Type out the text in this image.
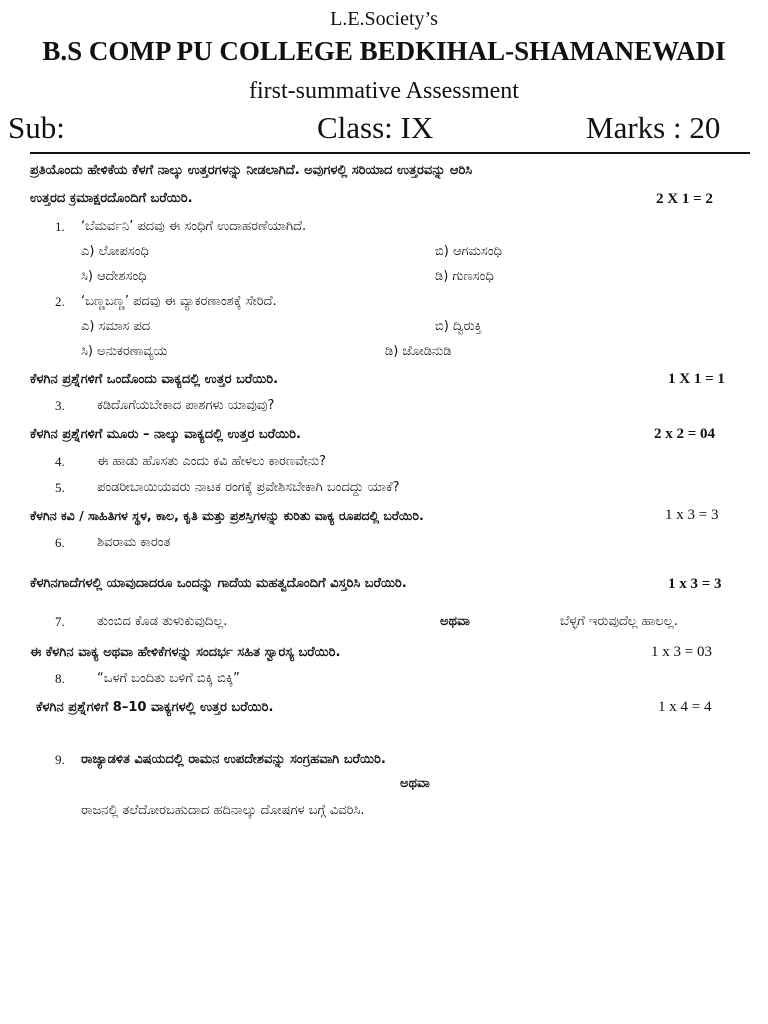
L.E.Society’s
B.S COMP PU COLLEGE BEDKIHAL-SHAMANEWADI
first-summative Assessment
Sub:	Class: IX	Marks : 20
ಪ್ರತಿಯೊಂದು ಹೇಳಿಕೆಯ ಕೆಳಗೆ ನಾಲ್ಕು ಉತ್ತರಗಳನ್ನು ನೀಡಲಾಗಿದೆ. ಅವುಗಳಲ್ಲಿ ಸರಿಯಾದ ಉತ್ತರವನ್ನು ಆರಿಸಿ
ಉತ್ತರದ ಕ್ರಮಾಕ್ಷರದೊಂದಿಗೆ ಬರೆಯಿರಿ.	2 X 1 = 2
1. ‘ಬೆಮರ್ವನಿ’ ಪದವು ಈ ಸಂಧಿಗೆ ಉದಾಹರಣೆಯಾಗಿದೆ.
ಎ) ಲೋಪಸಂಧಿ	ಬಿ) ಆಗಮಸಂಧಿ
ಸಿ) ಆದೇಶಸಂಧಿ	ಡಿ) ಗುಣಸಂಧಿ
2. ‘ಬಣ್ಣಬಣ್ಣ’ ಪದವು ಈ ವ್ಯಾಕರಣಾಂಶಕ್ಕೆ ಸೇರಿದೆ.
ಎ) ಸಮಾಸ ಪದ	ಬಿ) ದ್ವಿರುಕ್ತಿ
ಸಿ) ಅನುಕರಣಾವ್ಯಯ	ಡಿ) ಜೋಡಿನುಡಿ
ಕೆಳಗಿನ ಪ್ರಶ್ನೆಗಳಿಗೆ ಒಂದೊಂದು ವಾಕ್ಯದಲ್ಲಿ ಉತ್ತರ ಬರೆಯಿರಿ.	1 X 1 = 1
3. ಕಡಿದೊಗೆಯಬೇಕಾದ ಪಾಶಗಳು ಯಾವುವು?
ಕೆಳಗಿನ ಪ್ರಶ್ನೆಗಳಿಗೆ ಮೂರು – ನಾಲ್ಕು ವಾಕ್ಯದಲ್ಲಿ ಉತ್ತರ ಬರೆಯಿರಿ.	2 x 2 = 04
4. ಈ ಹಾಡು ಹೊಸತು ಎಂದು ಕವಿ ಹೇಳಲು ಕಾರಣವೇನು?
5. ಪಂಡರೀಬಾಯಿಯವರು ನಾಟಕ ರಂಗಕ್ಕೆ ಪ್ರವೇಶಿಸಬೇಕಾಗಿ ಬಂದದ್ದು ಯಾಕೆ?
ಕೆಳಗಿನ ಕವಿ / ಸಾಹಿತಿಗಳ ಸ್ಥಳ, ಕಾಲ, ಕೃತಿ ಮತ್ತು ಪ್ರಶಸ್ತಿಗಳನ್ನು ಕುರಿತು ವಾಕ್ಯ ರೂಪದಲ್ಲಿ ಬರೆಯಿರಿ.	1 x 3 = 3
6. ಶಿವರಾಮ ಕಾರಂತ
ಕೆಳಗಿನಗಾದೆಗಳಲ್ಲಿ ಯಾವುದಾದರೂ ಒಂದನ್ನು ಗಾದೆಯ ಮಹತ್ವದೊಂದಿಗೆ ವಿಸ್ತರಿಸಿ ಬರೆಯಿರಿ.	1 x 3 = 3
7. ತುಂಬಿದ ಕೊಡ ತುಳುಕುವುದಿಲ್ಲ.	ಅಥವಾ	ಬೆಳ್ಳಗೆ ಇರುವುದೆಲ್ಲ ಹಾಲಲ್ಲ.
ಈ ಕೆಳಗಿನ ವಾಕ್ಯ ಅಥವಾ ಹೇಳಿಕೆಗಳನ್ನು ಸಂದರ್ಭ ಸಹಿತ ಸ್ವಾರಸ್ಯ ಬರೆಯಿರಿ.	1 x 3 = 03
8. “ಒಳಗೆ ಬಂದಿತು ಬಳಿಗೆ ಬಿಕ್ಕಿ ಬಿಕ್ಕಿ”
ಕೆಳಗಿನ ಪ್ರಶ್ನೆಗಳಿಗೆ 8–10 ವಾಕ್ಯಗಳಲ್ಲಿ ಉತ್ತರ ಬರೆಯಿರಿ.	1 x 4 = 4
9. ರಾಜ್ಯಾಡಳಿತ ವಿಷಯದಲ್ಲಿ ರಾಮನ ಉಪದೇಶವನ್ನು ಸಂಗ್ರಹವಾಗಿ ಬರೆಯಿರಿ.
ಅಥವಾ
ರಾಜನಲ್ಲಿ ತಲೆದೋರಬಹುದಾದ ಹದಿನಾಲ್ಕು ದೋಷಗಳ ಬಗ್ಗೆ ವಿವರಿಸಿ.
